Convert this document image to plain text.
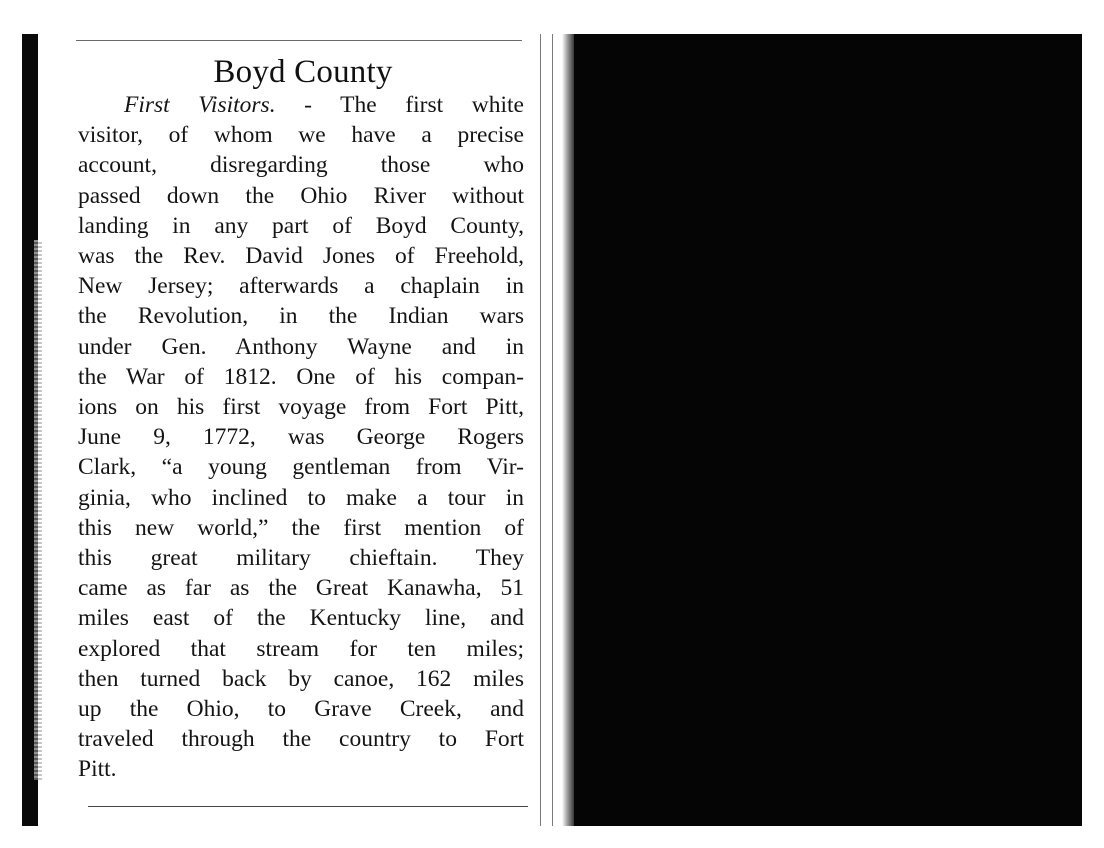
Boyd County
First Visitors. - The first white
visitor, of whom we have a precise
account, disregarding those who
passed down the Ohio River without
landing in any part of Boyd County,
was the Rev. David Jones of Freehold,
New Jersey; afterwards a chaplain in
the Revolution, in the Indian wars
under Gen. Anthony Wayne and in
the War of 1812. One of his compan-
ions on his first voyage from Fort Pitt,
June 9, 1772, was George Rogers
Clark, “a young gentleman from Vir-
ginia, who inclined to make a tour in
this new world,” the first mention of
this great military chieftain. They
came as far as the Great Kanawha, 51
miles east of the Kentucky line, and
explored that stream for ten miles;
then turned back by canoe, 162 miles
up the Ohio, to Grave Creek, and
traveled through the country to Fort
Pitt.
